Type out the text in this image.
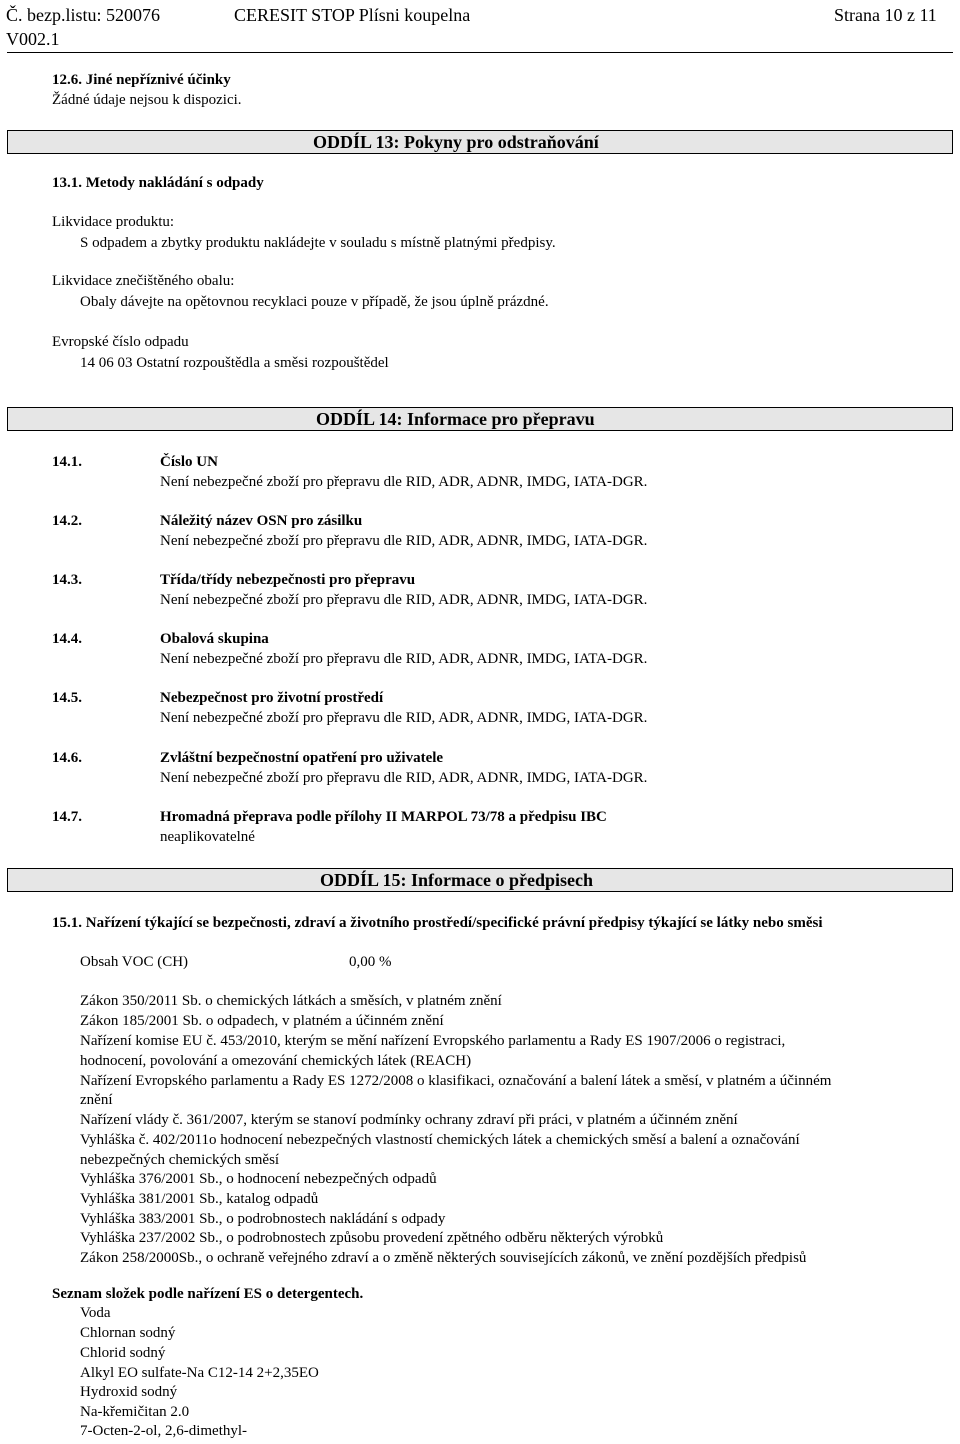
Č. bezp.listu: 520076	CERESIT STOP Plísni koupelna	Strana 10 z 11
V002.1
12.6. Jiné nepříznivé účinky
Žádné údaje nejsou k dispozici.
ODDÍL 13: Pokyny pro odstraňování
13.1. Metody nakládání s odpady
Likvidace produktu:
S odpadem a zbytky produktu nakládejte v souladu s místně platnými předpisy.
Likvidace znečištěného obalu:
Obaly dávejte na opětovnou recyklaci pouze v případě, že jsou úplně prázdné.
Evropské číslo odpadu
14 06 03 Ostatní rozpouštědla a směsi rozpouštědel
ODDÍL 14: Informace pro přepravu
14.1.	Číslo UN
Není nebezpečné zboží pro přepravu dle RID, ADR, ADNR, IMDG, IATA-DGR.
14.2.	Náležitý název OSN pro zásilku
Není nebezpečné zboží pro přepravu dle RID, ADR, ADNR, IMDG, IATA-DGR.
14.3.	Třída/třídy nebezpečnosti pro přepravu
Není nebezpečné zboží pro přepravu dle RID, ADR, ADNR, IMDG, IATA-DGR.
14.4.	Obalová skupina
Není nebezpečné zboží pro přepravu dle RID, ADR, ADNR, IMDG, IATA-DGR.
14.5.	Nebezpečnost pro životní prostředí
Není nebezpečné zboží pro přepravu dle RID, ADR, ADNR, IMDG, IATA-DGR.
14.6.	Zvláštní bezpečnostní opatření pro uživatele
Není nebezpečné zboží pro přepravu dle RID, ADR, ADNR, IMDG, IATA-DGR.
14.7.	Hromadná přeprava podle přílohy II MARPOL 73/78 a předpisu IBC
neaplikovatelné
ODDÍL 15: Informace o předpisech
15.1. Nařízení týkající se bezpečnosti, zdraví a životního prostředí/specifické právní předpisy týkající se látky nebo směsi
Obsah VOC (CH)	0,00 %
Zákon 350/2011 Sb. o chemických látkách a směsích, v platném znění
Zákon 185/2001 Sb. o odpadech, v platném a účinném znění
Nařízení komise EU č. 453/2010, kterým se mění nařízení Evropského parlamentu a Rady ES 1907/2006 o registraci,
hodnocení, povolování a omezování chemických látek (REACH)
Nařízení Evropského parlamentu a Rady ES 1272/2008 o klasifikaci, označování a balení látek a směsí, v platném a účinném
znění
Nařízení vlády č. 361/2007, kterým se stanoví podmínky ochrany zdraví při práci, v platném a účinném znění
Vyhláška č. 402/2011o hodnocení nebezpečných vlastností chemických látek a chemických směsí a balení a označování
nebezpečných chemických směsí
Vyhláška 376/2001 Sb., o hodnocení nebezpečných odpadů
Vyhláška 381/2001 Sb., katalog odpadů
Vyhláška 383/2001 Sb., o podrobnostech nakládání s odpady
Vyhláška 237/2002 Sb., o podrobnostech způsobu provedení zpětného odběru některých výrobků
Zákon 258/2000Sb., o ochraně veřejného zdraví a o změně některých souvisejících zákonů, ve znění pozdějších předpisů
Seznam složek podle nařízení ES o detergentech.
Voda
Chlornan sodný
Chlorid sodný
Alkyl EO sulfate-Na C12-14 2+2,35EO
Hydroxid sodný
Na-křemičitan 2.0
7-Octen-2-ol, 2,6-dimethyl-
